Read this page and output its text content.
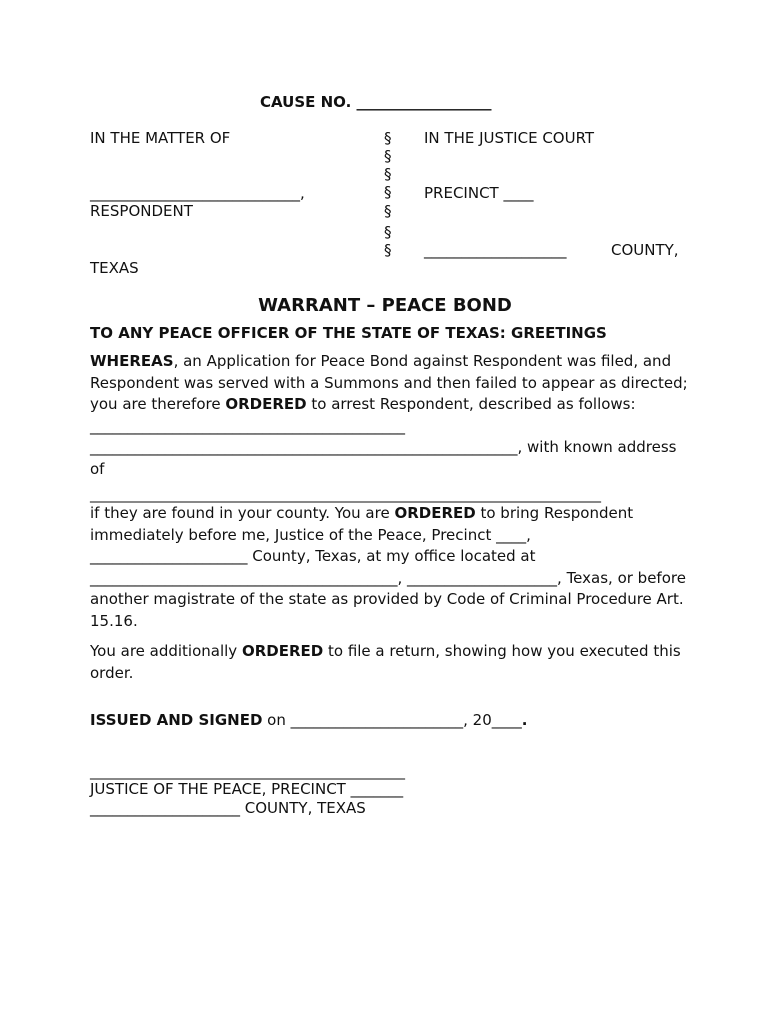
CAUSE NO. __________________
IN THE MATTER OF
____________________________,
RESPONDENT
TEXAS
§
§
§
§
§
§
§
IN THE JUSTICE COURT
PRECINCT ____
___________________	COUNTY,
WARRANT – PEACE BOND
TO ANY PEACE OFFICER OF THE STATE OF TEXAS: GREETINGS

WHEREAS, an Application for Peace Bond against Respondent was filed, and Respondent was served with a Summons and then failed to appear as directed; you are therefore ORDERED to arrest Respondent, described as follows: __________________________________________ _________________________________________________________, with known address of

_________________________________________________________________________

if they are found in your county. You are ORDERED to bring Respondent immediately before me, Justice of the Peace, Precinct ____, _____________________ County, Texas, at my office located at _________________________________________, ____________________, Texas, or before another magistrate of the state as provided by Code of Criminal Procedure Art. 15.16.

You are additionally ORDERED to file a return, showing how you executed this order.

ISSUED AND SIGNED on _______________________, 20____.
_____________________________________________
JUSTICE OF THE PEACE, PRECINCT _______
____________________ COUNTY, TEXAS
